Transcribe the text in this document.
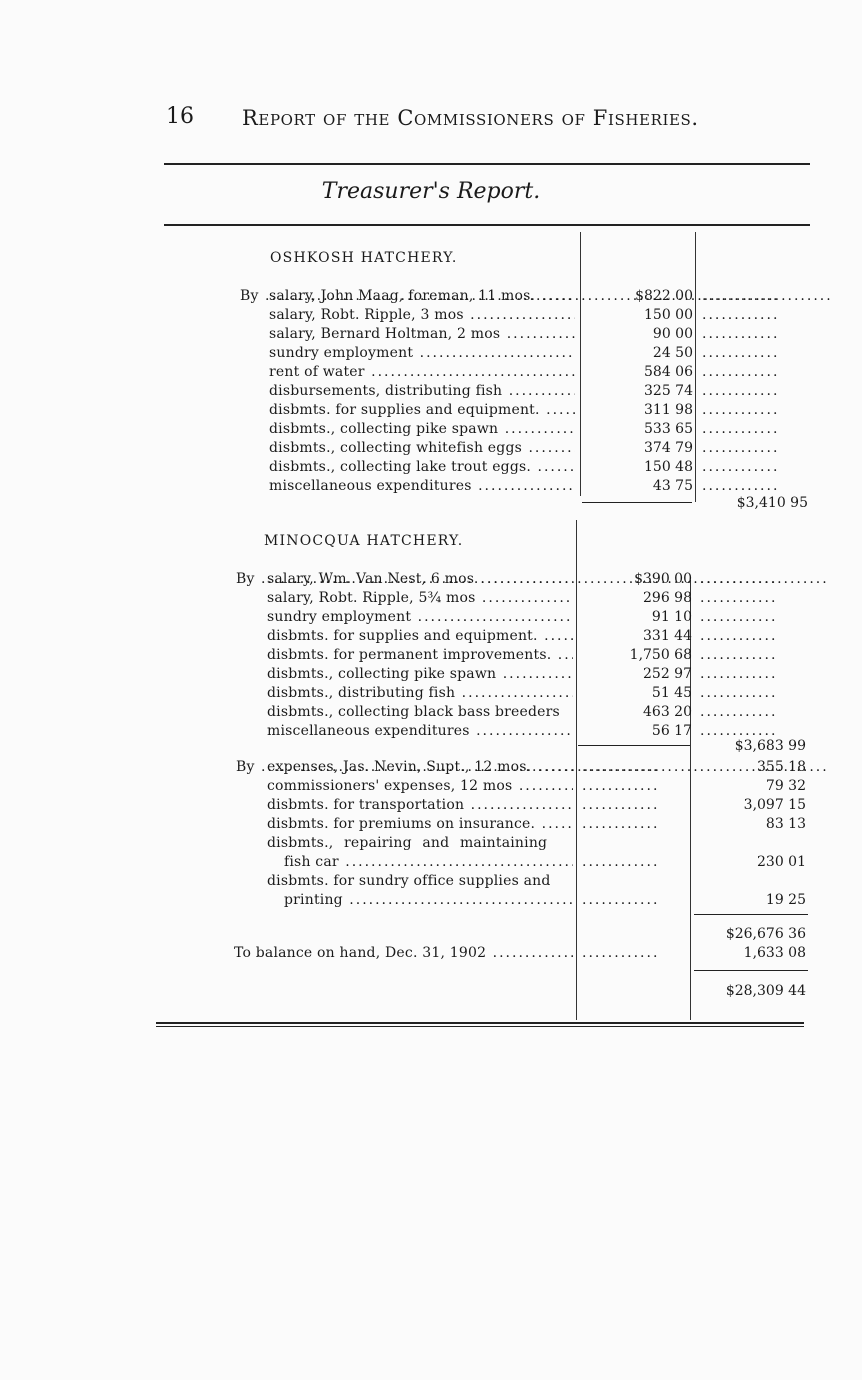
16 Report of the Commissioners of Fisheries.
Treasurer's Report.
OSHKOSH HATCHERY.
By ..... salary, John Maag, foreman, 11 mos. .....	$822 00 ............
salary, Robt. Ripple, 3 mos .....	150 00 ............
salary, Bernard Holtman, 2 mos .....	90 00 ............
sundry employment .....	24 50 ............
rent of water .....	584 06 ............
disbursements, distributing fish .....	325 74 ............
disbmts. for supplies and equipment. .....	311 98 ............
disbmts., collecting pike spawn .....	533 65 ............
disbmts., collecting whitefish eggs .....	374 79 ............
disbmts., collecting lake trout eggs. .....	150 48 ............
miscellaneous expenditures .....	43 75 ............
$3,410 95
MINOCQUA HATCHERY.
By ..... salary, Wm. Van Nest, 6 mos .....	$390 00 ............
salary, Robt. Ripple, 5¾ mos .....	296 98 ............
sundry employment .....	91 10 ............
disbmts. for supplies and equipment. .....	331 44 ............
disbmts. for permanent improvements. .....	1,750 68 ............
disbmts., collecting pike spawn .....	252 97 ............
disbmts., distributing fish .....	51 45 ............
disbmts., collecting black bass breeders	463 20 ............
miscellaneous expenditures .....	56 17 ............
$3,683 99
By ..... expenses, Jas. Nevin, Supt., 12 mos. .....	............	355 18
commissioners' expenses, 12 mos .....	............	79 32
disbmts. for transportation .....	............	3,097 15
disbmts. for premiums on insurance. .....	............	83 13
disbmts., repairing and maintaining
fish car .....	............	230 01
disbmts. for sundry office supplies and
printing .....	............	19 25
$26,676 36
To balance on hand, Dec. 31, 1902 .....	............	1,633 08
$28,309 44
